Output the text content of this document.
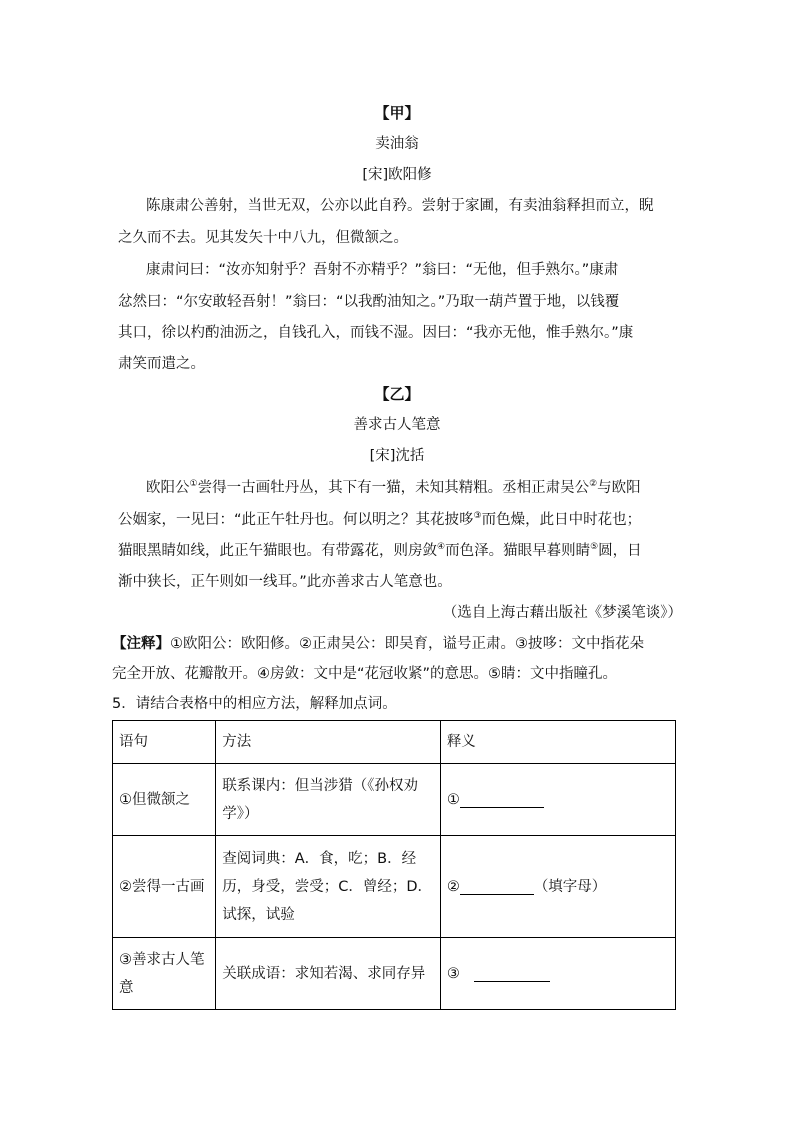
【甲】
卖油翁
[宋]欧阳修
陈康肃公善射，当世无双，公亦以此自矜。尝射于家圃，有卖油翁释担而立，睨
之久而不去。见其发矢十中八九，但微颔之。
康肃问曰：“汝亦知射乎？吾射不亦精乎？”翁曰：“无他，但手熟尔。”康肃
忿然曰：“尔安敢轻吾射！”翁曰：“以我酌油知之。”乃取一葫芦置于地，以钱覆
其口，徐以杓酌油沥之，自钱孔入，而钱不湿。因曰：“我亦无他，惟手熟尔。”康
肃笑而遣之。
【乙】
善求古人笔意
[宋]沈括
欧阳公①尝得一古画牡丹丛，其下有一猫，未知其精粗。丞相正肃吴公②与欧阳
公姻家，一见曰：“此正午牡丹也。何以明之？其花披哆③而色燥，此日中时花也；
猫眼黑睛如线，此正午猫眼也。有带露花，则房敛④而色泽。猫眼早暮则睛⑤圆，日
渐中狭长，正午则如一线耳。”此亦善求古人笔意也。
（选自上海古藉出版社《梦溪笔谈》）
【注释】①欧阳公：欧阳修。②正肃吴公：即吴育，谥号正肃。③披哆：文中指花朵
完全开放、花瓣散开。④房敛：文中是“花冠收紧”的意思。⑤睛：文中指瞳孔。
5．请结合表格中的相应方法，解释加点词。
语句	方法	释义
①但微颔之	联系课内：但当涉猎（《孙权劝学》）	①
②尝得一古画	查阅词典：A．食，吃；B．经历，身受，尝受；C．曾经；D．试探，试验	② （填字母）
③善求古人笔意	关联成语：求知若渴、求同存异	③
